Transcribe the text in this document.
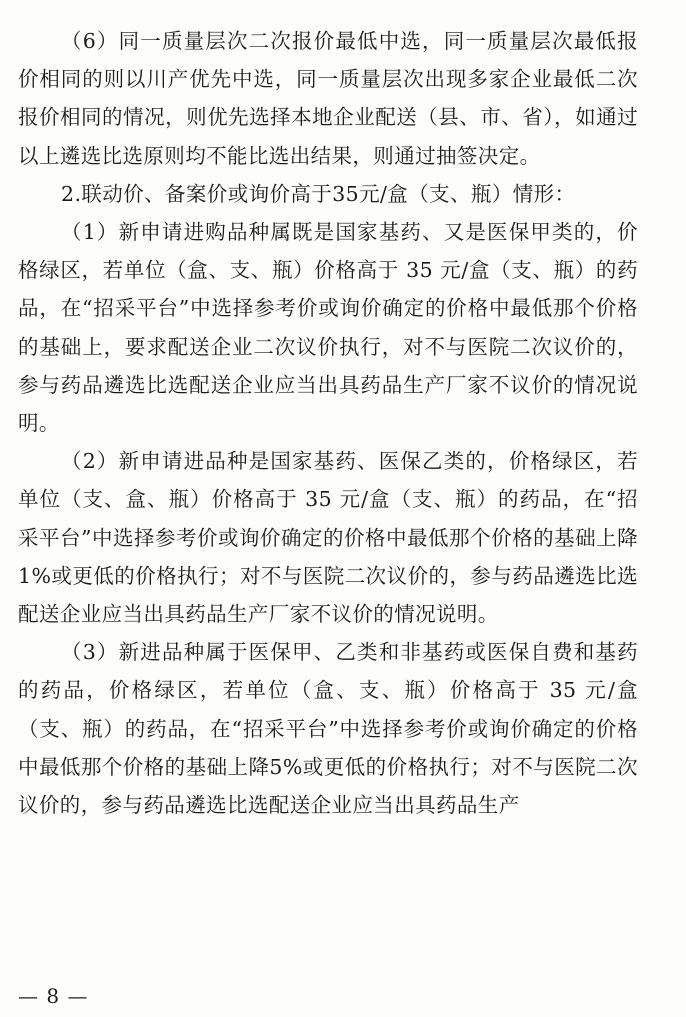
（6）同一质量层次二次报价最低中选，同一质量层次最低报价相同的则以川产优先中选，同一质量层次出现多家企业最低二次报价相同的情况，则优先选择本地企业配送（县、市、省），如通过以上遴选比选原则均不能比选出结果，则通过抽签决定。

2.联动价、备案价或询价高于35元/盒（支、瓶）情形：

（1）新申请进购品种属既是国家基药、又是医保甲类的，价格绿区，若单位（盒、支、瓶）价格高于 35 元/盒（支、瓶）的药品，在“招采平台”中选择参考价或询价确定的价格中最低那个价格的基础上，要求配送企业二次议价执行，对不与医院二次议价的，参与药品遴选比选配送企业应当出具药品生产厂家不议价的情况说明。

（2）新申请进品种是国家基药、医保乙类的，价格绿区，若单位（支、盒、瓶）价格高于 35 元/盒（支、瓶）的药品，在“招采平台”中选择参考价或询价确定的价格中最低那个价格的基础上降1%或更低的价格执行；对不与医院二次议价的，参与药品遴选比选配送企业应当出具药品生产厂家不议价的情况说明。

（3）新进品种属于医保甲、乙类和非基药或医保自费和基药的药品，价格绿区，若单位（盒、支、瓶）价格高于 35 元/盒（支、瓶）的药品，在“招采平台”中选择参考价或询价确定的价格中最低那个价格的基础上降5%或更低的价格执行；对不与医院二次议价的，参与药品遴选比选配送企业应当出具药品生产

— 8 —
